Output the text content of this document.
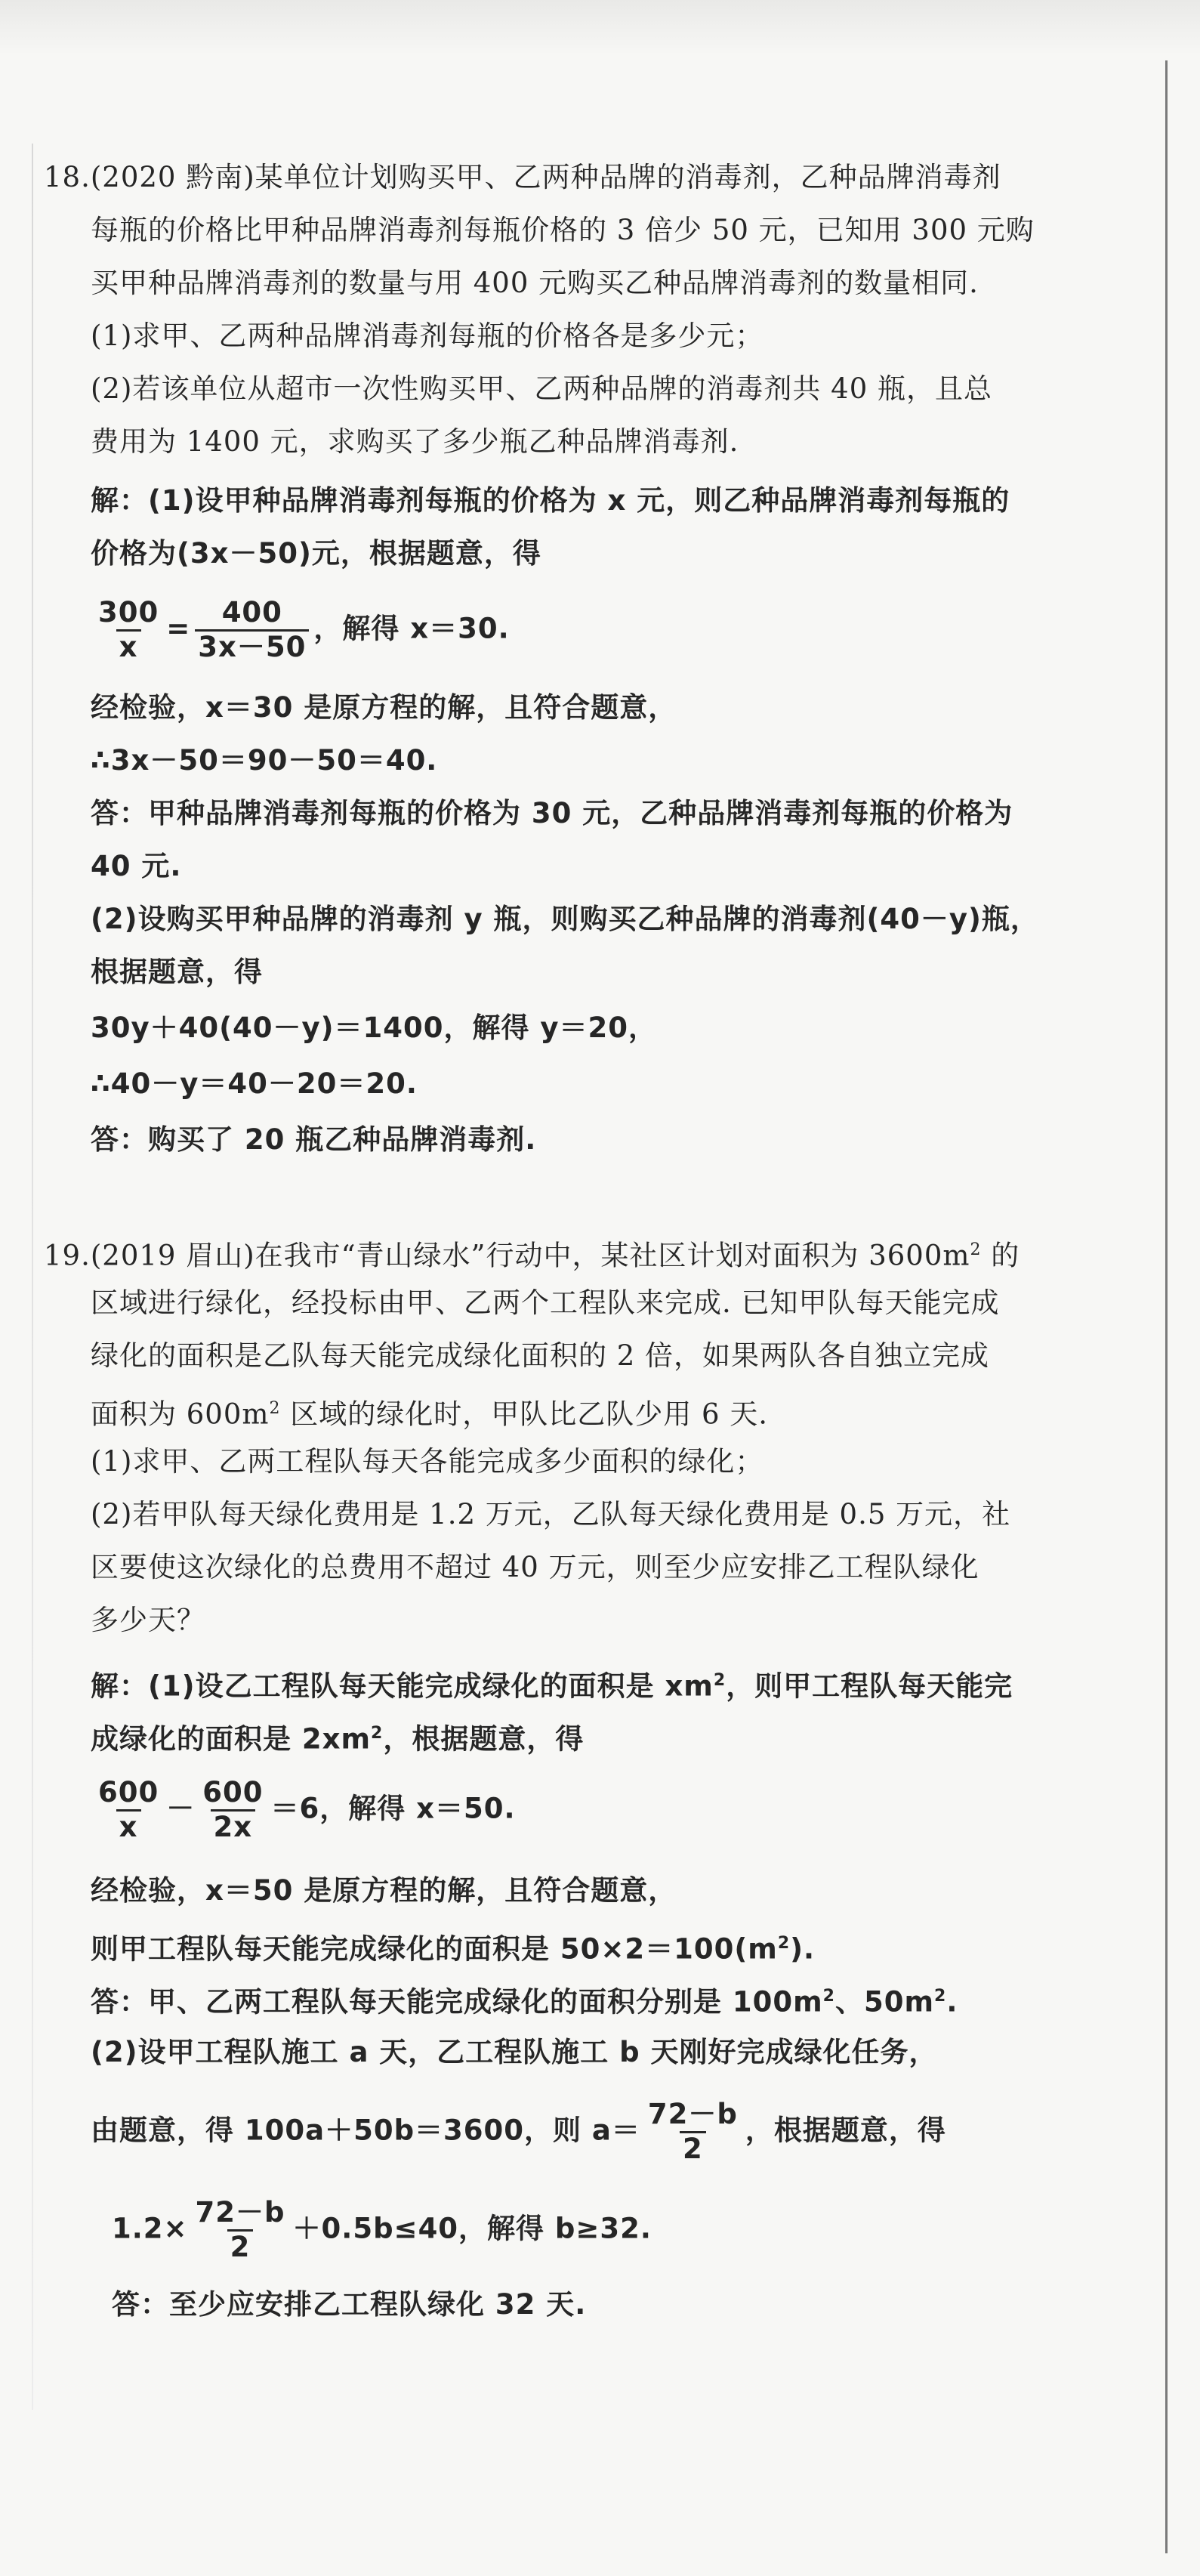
18.(2020 黔南)某单位计划购买甲、乙两种品牌的消毒剂，乙种品牌消毒剂
每瓶的价格比甲种品牌消毒剂每瓶价格的 3 倍少 50 元，已知用 300 元购
买甲种品牌消毒剂的数量与用 400 元购买乙种品牌消毒剂的数量相同.
(1)求甲、乙两种品牌消毒剂每瓶的价格各是多少元；
(2)若该单位从超市一次性购买甲、乙两种品牌的消毒剂共 40 瓶，且总
费用为 1400 元，求购买了多少瓶乙种品牌消毒剂.
解：(1)设甲种品牌消毒剂每瓶的价格为 x 元，则乙种品牌消毒剂每瓶的
价格为(3x－50)元，根据题意，得
$\frac{300}{x} = \frac{400}{3x-50}$ ，解得 x＝30.
经检验，x＝30 是原方程的解，且符合题意，
∴3x－50＝90－50＝40.
答：甲种品牌消毒剂每瓶的价格为 30 元，乙种品牌消毒剂每瓶的价格为
40 元.
(2)设购买甲种品牌的消毒剂 y 瓶，则购买乙种品牌的消毒剂(40－y)瓶，
根据题意，得
30y＋40(40－y)＝1400，解得 y＝20，
∴40－y＝40－20＝20.
答：购买了 20 瓶乙种品牌消毒剂.
19.(2019 眉山)在我市“青山绿水”行动中，某社区计划对面积为 $3600m^2$ 的
区域进行绿化，经投标由甲、乙两个工程队来完成. 已知甲队每天能完成
绿化的面积是乙队每天能完成绿化面积的 2 倍，如果两队各自独立完成
面积为 $600m^2$ 区域的绿化时，甲队比乙队少用 6 天.
(1)求甲、乙两工程队每天各能完成多少面积的绿化；
(2)若甲队每天绿化费用是 1.2 万元，乙队每天绿化费用是 0.5 万元，社
区要使这次绿化的总费用不超过 40 万元，则至少应安排乙工程队绿化
多少天？
解：(1)设乙工程队每天能完成绿化的面积是 $xm^2$，则甲工程队每天能完
成绿化的面积是 $2xm^2$，根据题意，得
$\frac{600}{x} - \frac{600}{2x} =6$，解得 x＝50.
经检验，x＝50 是原方程的解，且符合题意，
则甲工程队每天能完成绿化的面积是 $50\times 2=100(m^2)$.
答：甲、乙两工程队每天能完成绿化的面积分别是 $100m^2$、$50m^2$.
(2)设甲工程队施工 a 天，乙工程队施工 b 天刚好完成绿化任务，
由题意，得 100a＋50b＝3600，则 $a= \frac{72-b}{2}$ ，根据题意，得
$1.2\times \frac{72-b}{2} +0.5b\le 40$，解得 b≥32.
答：至少应安排乙工程队绿化 32 天.
